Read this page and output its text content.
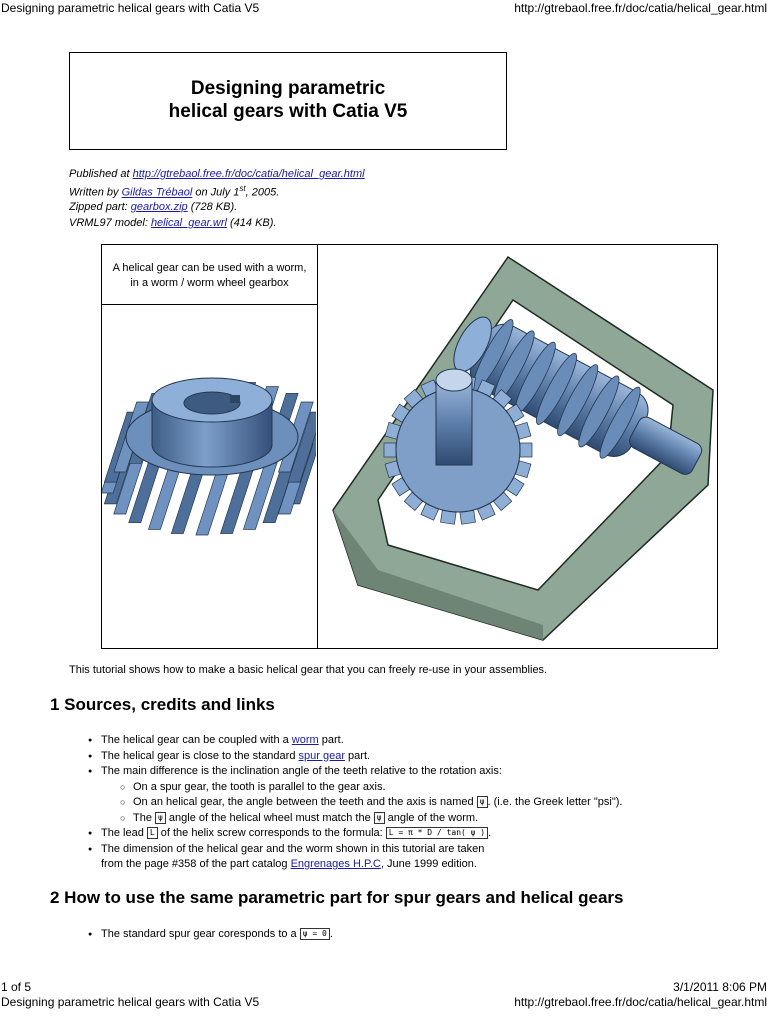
Designing parametric helical gears with Catia V5	http://gtrebaol.free.fr/doc/catia/helical_gear.html
Designing parametric
helical gears with Catia V5
Published at http://gtrebaol.free.fr/doc/catia/helical_gear.html
Written by Gildas Trébaol on July 1st, 2005.
Zipped part: gearbox.zip (728 KB).
VRML97 model: helical_gear.wrl (414 KB).
A helical gear can be used with a worm,
in a worm / worm wheel gearbox
This tutorial shows how to make a basic helical gear that you can freely re-use in your assemblies.
1 Sources, credits and links
● The helical gear can be coupled with a worm part.
● The helical gear is close to the standard spur gear part.
● The main difference is the inclination angle of the teeth relative to the rotation axis:
○ On a spur gear, the tooth is parallel to the gear axis.
○ On an helical gear, the angle between the teeth and the axis is named ψ . (i.e. the Greek letter "psi").
○ The ψ angle of the helical wheel must match the ψ angle of the worm.
● The lead L of the helix screw corresponds to the formula: L = π * D / tan( ψ ) .
● The dimension of the helical gear and the worm shown in this tutorial are taken
from the page #358 of the part catalog Engrenages H.P.C, June 1999 edition.
2 How to use the same parametric part for spur gears and helical gears
● The standard spur gear coresponds to a ψ = 0 .
1 of 5	3/1/2011 8:06 PM
Designing parametric helical gears with Catia V5	http://gtrebaol.free.fr/doc/catia/helical_gear.html
